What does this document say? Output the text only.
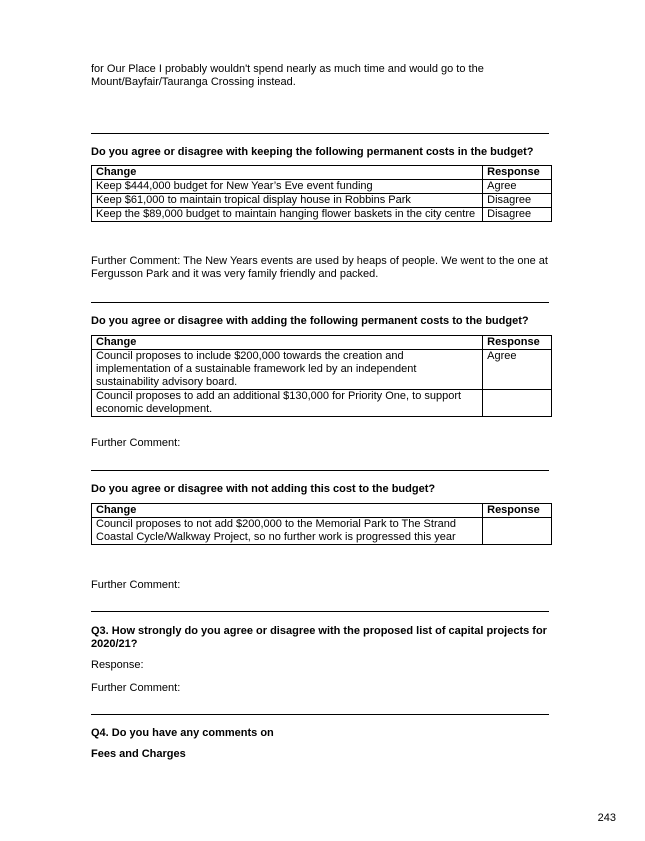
for Our Place I probably wouldn't spend nearly as much time and would go to the Mount/Bayfair/Tauranga Crossing instead.

Do you agree or disagree with keeping the following permanent costs in the budget?

Change	Response
Keep $444,000 budget for New Year’s Eve event funding	Agree
Keep $61,000 to maintain tropical display house in Robbins Park	Disagree
Keep the $89,000 budget to maintain hanging flower baskets in the city centre	Disagree

Further Comment: The New Years events are used by heaps of people. We went to the one at Fergusson Park and it was very family friendly and packed.

Do you agree or disagree with adding the following permanent costs to the budget?

Change	Response
Council proposes to include $200,000 towards the creation and implementation of a sustainable framework led by an independent sustainability advisory board.	Agree
Council proposes to add an additional $130,000 for Priority One, to support economic development.	

Further Comment:

Do you agree or disagree with not adding this cost to the budget?

Change	Response
Council proposes to not add $200,000 to the Memorial Park to The Strand Coastal Cycle/Walkway Project, so no further work is progressed this year	

Further Comment:

Q3. How strongly do you agree or disagree with the proposed list of capital projects for 2020/21?

Response:

Further Comment:

Q4. Do you have any comments on

Fees and Charges

243
